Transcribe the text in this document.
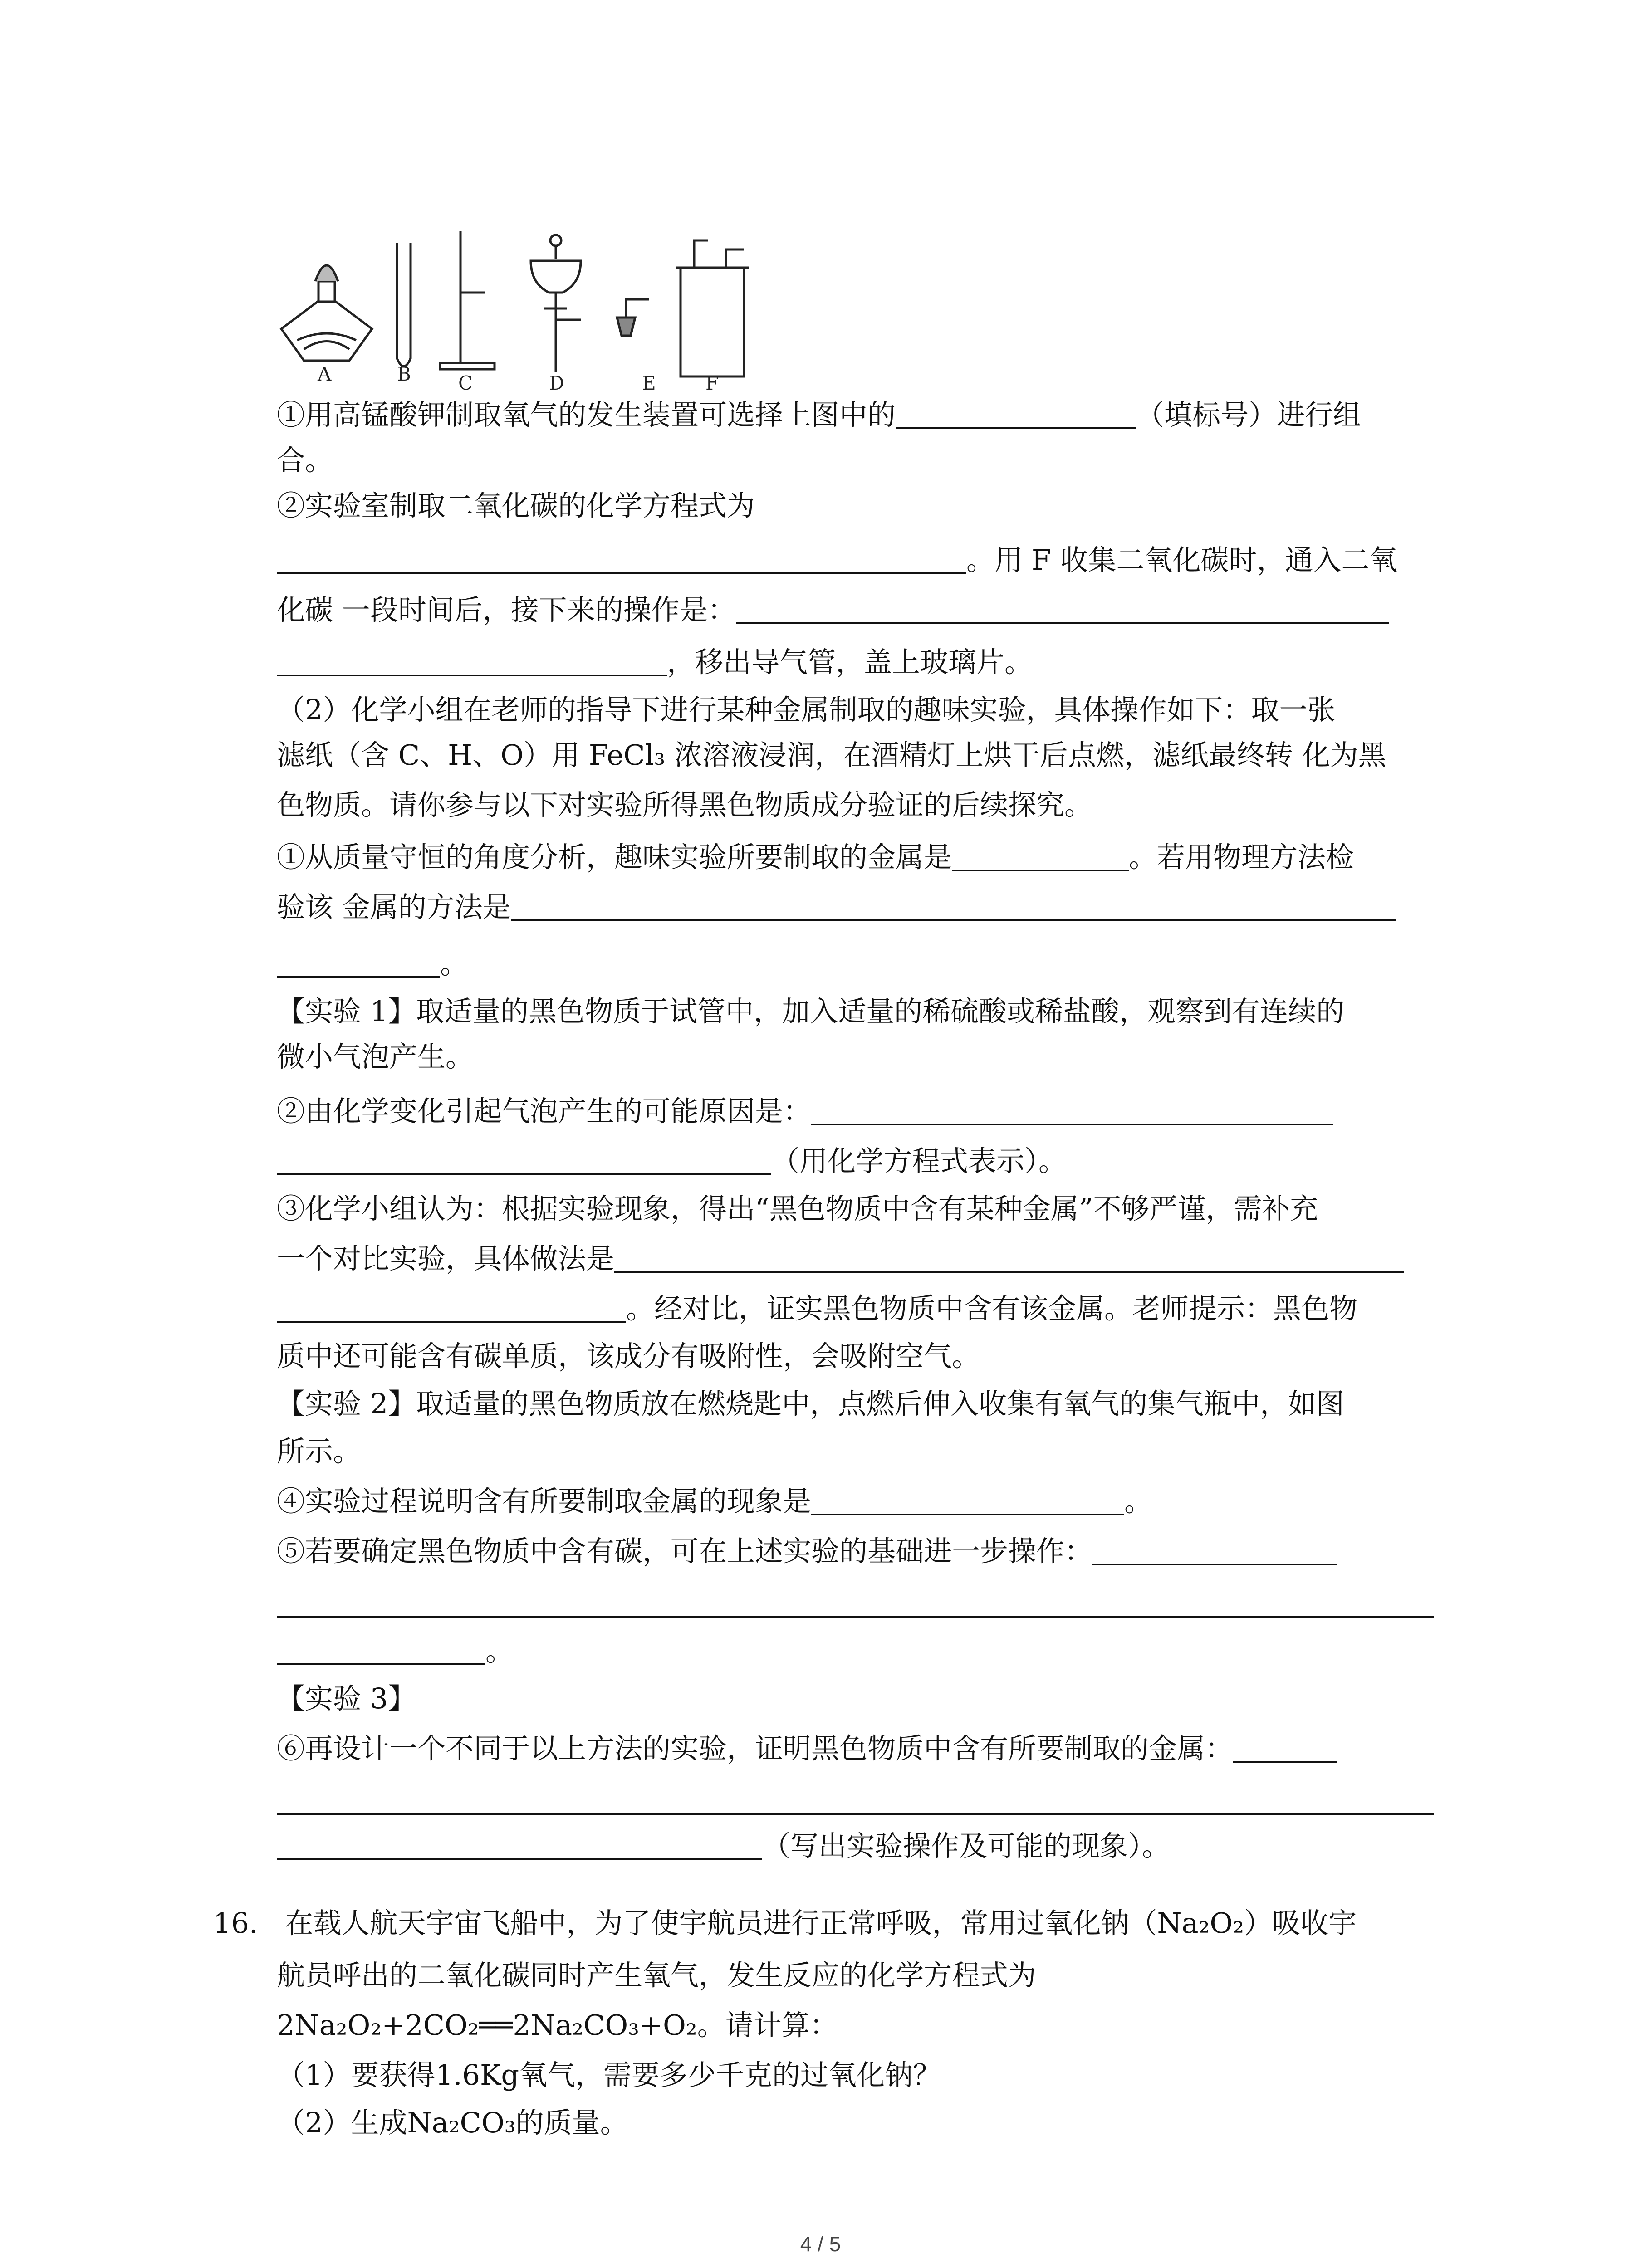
A	B C	D	E	F
①用高锰酸钾制取氧气的发生装置可选择上图中的	（填标号）进行组
合。
②实验室制取二氧化碳的化学方程式为
。用 F 收集二氧化碳时，通入二氧
化碳 一段时间后，接下来的操作是：
，移出导气管，盖上玻璃片。
（2）化学小组在老师的指导下进行某种金属制取的趣味实验，具体操作如下：取一张
滤纸（含 C、H、O）用 FeCl₃ 浓溶液浸润，在酒精灯上烘干后点燃，滤纸最终转 化为黑
色物质。请你参与以下对实验所得黑色物质成分验证的后续探究。
①从质量守恒的角度分析，趣味实验所要制取的金属是	。若用物理方法检
验该 金属的方法是
。
【实验 1】取适量的黑色物质于试管中，加入适量的稀硫酸或稀盐酸，观察到有连续的
微小气泡产生。
②由化学变化引起气泡产生的可能原因是：
（用化学方程式表示）。
③化学小组认为：根据实验现象，得出“黑色物质中含有某种金属”不够严谨，需补充
一个对比实验，具体做法是
。经对比，证实黑色物质中含有该金属。老师提示：黑色物
质中还可能含有碳单质，该成分有吸附性，会吸附空气。
【实验 2】取适量的黑色物质放在燃烧匙中，点燃后伸入收集有氧气的集气瓶中，如图
所示。
④实验过程说明含有所要制取金属的现象是	。
⑤若要确定黑色物质中含有碳，可在上述实验的基础进一步操作：
。
【实验 3】
⑥再设计一个不同于以上方法的实验，证明黑色物质中含有所要制取的金属：
（写出实验操作及可能的现象）。
16. 在载人航天宇宙飞船中，为了使宇航员进行正常呼吸，常用过氧化钠（Na₂O₂）吸收宇
航员呼出的二氧化碳同时产生氧气，发生反应的化学方程式为
2Na₂O₂+2CO₂══2Na₂CO₃+O₂。请计算：
（1）要获得1.6Kg氧气，需要多少千克的过氧化钠？
（2）生成Na₂CO₃的质量。
4 / 5
